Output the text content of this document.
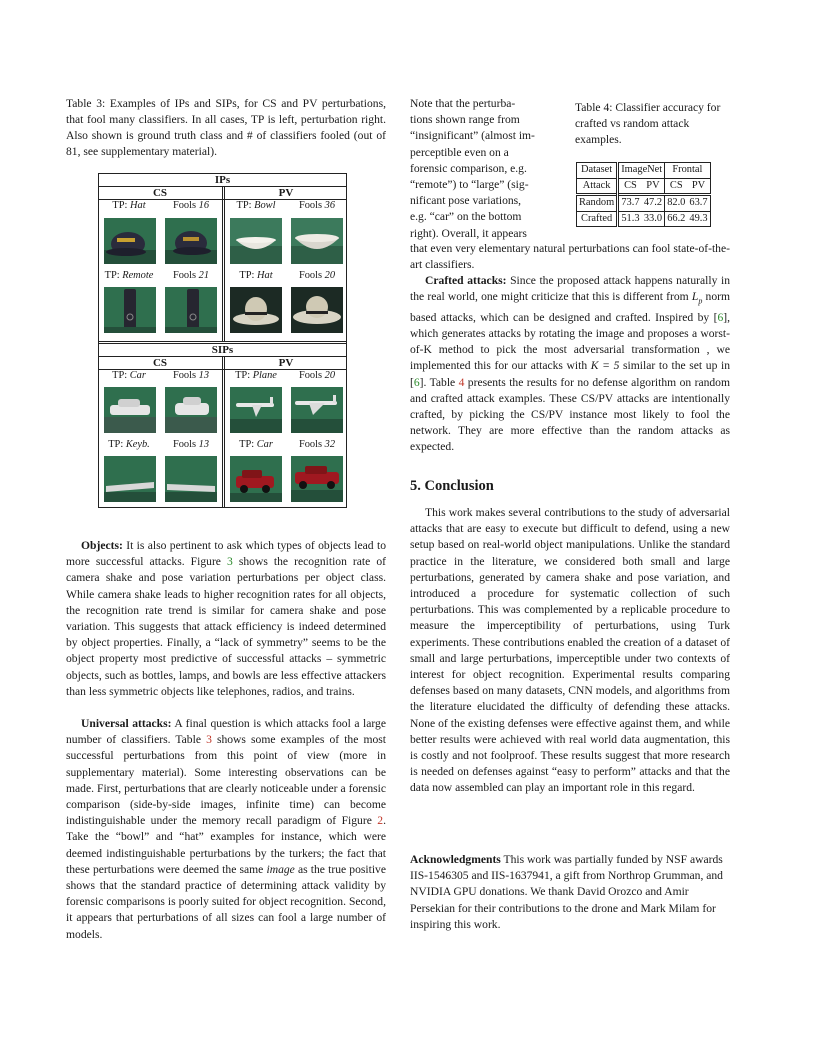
Table 3: Examples of IPs and SIPs, for CS and PV perturbations, that fool many classifiers. In all cases, TP is left, perturbation right. Also shown is ground truth class and # of classifiers fooled (out of 81, see supplementary material).

IPs
CS	PV
TP: Hat	Fools 16	TP: Bowl	Fools 36
TP: Remote	Fools 21	TP: Hat	Fools 20
SIPs
CS	PV
TP: Car	Fools 13	TP: Plane	Fools 20
TP: Keyb.	Fools 13	TP: Car	Fools 32

Objects: It is also pertinent to ask which types of objects lead to more successful attacks. Figure 3 shows the recognition rate of camera shake and pose variation perturbations per object class. While camera shake leads to higher recognition rates for all objects, the recognition rate trend is similar for camera shake and pose variation. This suggests that attack efficiency is indeed determined by object properties. Finally, a “lack of symmetry” seems to be the object property most predictive of successful attacks – symmetric objects, such as bottles, lamps, and bowls are less effective attackers than less symmetric objects like telephones, radios, and trains.

Universal attacks: A final question is which attacks fool a large number of classifiers. Table 3 shows some examples of the most successful perturbations from this point of view (more in supplementary material). Some interesting observations can be made. First, perturbations that are clearly noticeable under a forensic comparison (side-by-side images, infinite time) can become indistinguishable under the memory recall paradigm of Figure 2. Take the “bowl” and “hat” examples for instance, which were deemed indistinguishable perturbations by the turkers; the fact that these perturbations were deemed the same image as the true positive shows that the standard practice of determining attack validity by forensic comparisons is poorly suited for object recognition. Second, it appears that perturbations of all sizes can fool a large number of models.

Note that the perturba-
tions shown range from
“insignificant” (almost im-
perceptible even on a
forensic comparison, e.g.
“remote”) to “large” (sig-
nificant pose variations,
e.g. “car” on the bottom
right). Overall, it appears

Table 4: Classifier accuracy for crafted vs random attack examples.

Dataset	ImageNet		Frontal	
Attack	CS	PV	CS	PV
Random	73.7	47.2	82.0	63.7
Crafted	51.3	33.0	66.2	49.3

that even very elementary natural perturbations can fool state-of-the-art classifiers.

Crafted attacks: Since the proposed attack happens naturally in the real world, one might criticize that this is different from $L_p$ norm based attacks, which can be designed and crafted. Inspired by [6], which generates attacks by rotating the image and proposes a worst-of-K method to pick the most adversarial transformation , we implemented this for our attacks with K = 5 similar to the set up in [6]. Table 4 presents the results for no defense algorithm on random and crafted attack examples. These CS/PV attacks are intentionally crafted, by picking the CS/PV instance most likely to fool the network. They are more effective than the random attacks as expected.

5. Conclusion

This work makes several contributions to the study of adversarial attacks that are easy to execute but difficult to defend, using a new setup based on real-world object manipulations. Unlike the standard practice in the literature, we considered both small and large perturbations, generated by camera shake and pose variation, and introduced a procedure for systematic collection of such perturbations. This was complemented by a replicable procedure to measure the imperceptibility of perturbations, using Turk experiments. These contributions enabled the creation of a dataset of small and large perturbations, imperceptible under two contexts of interest for object recognition. Experimental results comparing defenses based on many datasets, CNN models, and algorithms from the literature elucidated the difficulty of defending these attacks. None of the existing defenses were effective against them, and while better results were achieved with real world data augmentation, this is costly and not foolproof. These results suggest that more research is needed on defenses against “easy to perform” attacks and that the data now assembled can play an important role in this regard.

Acknowledgments This work was partially funded by NSF awards IIS-1546305 and IIS-1637941, a gift from Northrop Grumman, and NVIDIA GPU donations. We thank David Orozco and Amir Persekian for their contributions to the drone and Mark Milam for inspiring this work.
